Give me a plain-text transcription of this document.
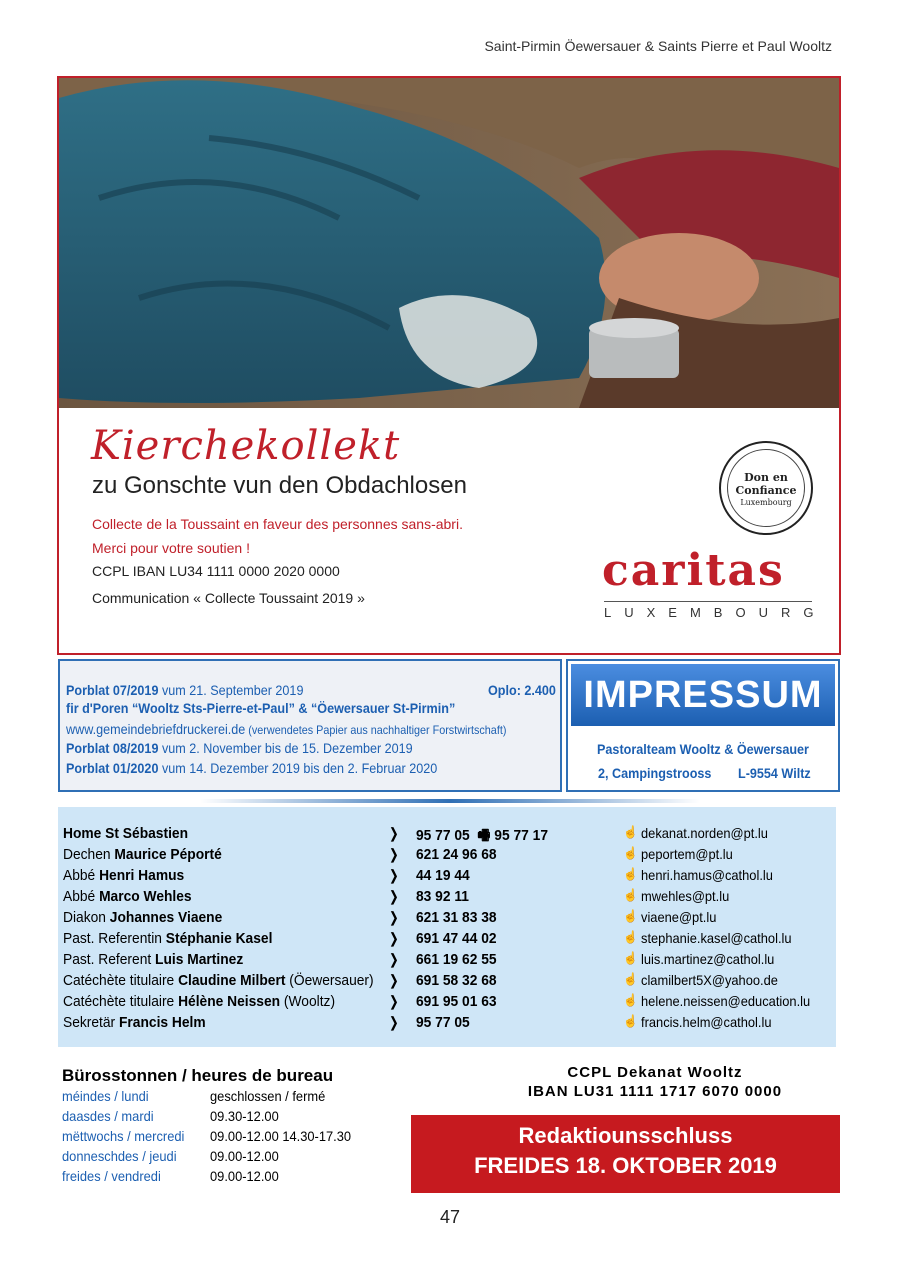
Saint-Pirmin Öewersauer & Saints Pierre et Paul Wooltz
Kierchekollekt
zu Gonschte vun den Obdachlosen
Collecte de la Toussaint en faveur des personnes sans-abri.
Merci pour votre soutien !
CCPL IBAN LU34 1111 0000 2020 0000
Communication « Collecte Toussaint 2019 »
Don en
Confiance
Luxembourg
caritas
LUXEMBOURG
Porblat 07/2019 vum 21. September 2019	Oplo: 2.400
fir d'Poren “Wooltz Sts-Pierre-et-Paul” & “Öewersauer St-Pirmin”
www.gemeindebriefdruckerei.de (verwendetes Papier aus nachhaltiger Forstwirtschaft)
Porblat 08/2019 vum 2. November bis de 15. Dezember 2019
Porblat 01/2020 vum 14. Dezember 2019 bis den 2. Februar 2020
IMPRESSUM
Pastoralteam Wooltz & Öewersauer
2, Campingstrooss L-9554 Wiltz
Home St Sébastien	❭ 95 77 05 🖷 95 77 17	☝ dekanat.norden@pt.lu
Dechen Maurice Péporté	❭ 621 24 96 68	☝ peportem@pt.lu
Abbé Henri Hamus	❭ 44 19 44	☝ henri.hamus@cathol.lu
Abbé Marco Wehles	❭ 83 92 11	☝ mwehles@pt.lu
Diakon Johannes Viaene	❭ 621 31 83 38	☝ viaene@pt.lu
Past. Referentin Stéphanie Kasel	❭ 691 47 44 02	☝ stephanie.kasel@cathol.lu
Past. Referent Luis Martinez	❭ 661 19 62 55	☝ luis.martinez@cathol.lu
Catéchète titulaire Claudine Milbert (Öewersauer) ❭ 691 58 32 68	☝ clamilbert5X@yahoo.de
Catéchète titulaire Hélène Neissen (Wooltz)	❭ 691 95 01 63	☝ helene.neissen@education.lu
Sekretär Francis Helm	❭ 95 77 05	☝ francis.helm@cathol.lu
Bürosstonnen / heures de bureau
méindes / lundi	geschlossen / fermé
daasdes / mardi	09.30-12.00
mëttwochs / mercredi 09.00-12.00 14.30-17.30
donneschdes / jeudi 09.00-12.00
freides / vendredi	09.00-12.00
CCPL Dekanat Wooltz
IBAN LU31 1111 1717 6070 0000
Redaktiounsschluss
FREIDES 18. OKTOBER 2019
47
